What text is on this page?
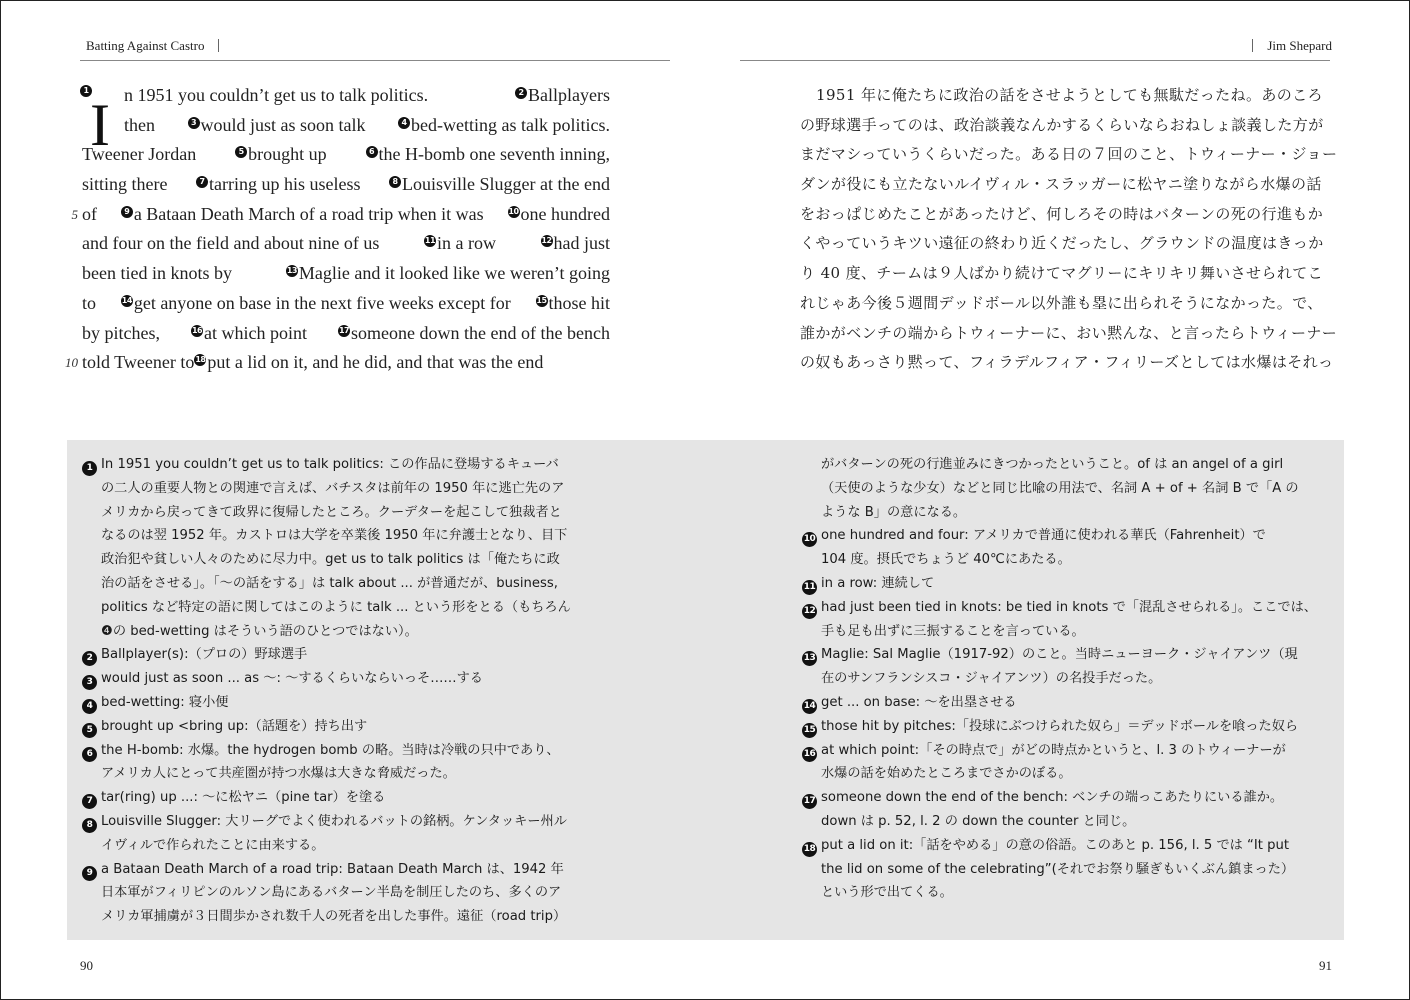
Batting Against Castro	Jim Shepard
I
1 n 1951 you couldn’t get us to talk politics.	2 Ballplayers
then	3 would just as soon talk	4 bed-wetting as talk politics.
Tweener Jordan	5 brought up	6 the H-bomb one seventh inning,
sitting there	7 tarring up his useless	8 Louisville Slugger at the end
5 of	9 a Bataan Death March of a road trip when it was	10 one hundred
and four on the field and about nine of us	11 in a row	12 had just
been tied in knots by	13 Maglie and it looked like we weren’t going
to	14 get anyone on base in the next five weeks except for	15 those hit
by pitches,	16 at which point	17 someone down the end of the bench
10 told Tweener to 18 put a lid on it, and he did, and that was the end
1951 年に俺たちに政治の話をさせようとしても無駄だったね。あのころ
の野球選手ってのは、政治談義なんかするくらいならおねしょ談義した方が
まだマシっていうくらいだった。ある日の７回のこと、トウィーナー・ジョー
ダンが役にも立たないルイヴィル・スラッガーに松ヤニ塗りながら水爆の話
をおっぱじめたことがあったけど、何しろその時はバターンの死の行進もか
くやっていうキツい遠征の終わり近くだったし、グラウンドの温度はきっか
り 40 度、チームは９人ばかり続けてマグリーにキリキリ舞いさせられてこ
れじゃあ今後５週間デッドボール以外誰も塁に出られそうになかった。で、
誰かがベンチの端からトウィーナーに、おい黙んな、と言ったらトウィーナー
の奴もあっさり黙って、フィラデルフィア・フィリーズとしては水爆はそれっ
1 In 1951 you couldn’t get us to talk politics: この作品に登場するキューバ
の二人の重要人物との関連で言えば、バチスタは前年の 1950 年に逃亡先のア
メリカから戻ってきて政界に復帰したところ。クーデターを起こして独裁者と
なるのは翌 1952 年。カストロは大学を卒業後 1950 年に弁護士となり、目下
政治犯や貧しい人々のために尽力中。get us to talk politics は「俺たちに政
治の話をさせる」。「〜の話をする」は talk about ... が普通だが、business,
politics など特定の語に関してはこのように talk ... という形をとる（もちろん
❹の bed-wetting はそういう語のひとつではない）。
2 Ballplayer(s):（プロの）野球選手
3 would just as soon ... as 〜: 〜するくらいならいっそ……する
4 bed-wetting: 寝小便
5 brought up <bring up:（話題を）持ち出す
6 the H-bomb: 水爆。the hydrogen bomb の略。当時は冷戦の只中であり、
アメリカ人にとって共産圏が持つ水爆は大きな脅威だった。
7 tar(ring) up ...: 〜に松ヤニ（pine tar）を塗る
8 Louisville Slugger: 大リーグでよく使われるバットの銘柄。ケンタッキー州ル
イヴィルで作られたことに由来する。
9 a Bataan Death March of a road trip: Bataan Death March は、1942 年
日本軍がフィリピンのルソン島にあるバターン半島を制圧したのち、多くのア
メリカ軍捕虜が３日間歩かされ数千人の死者を出した事件。遠征（road trip）
がバターンの死の行進並みにきつかったということ。of は an angel of a girl
（天使のような少女）などと同じ比喩の用法で、名詞 A + of + 名詞 B で「A の
ような B」の意になる。
10 one hundred and four: アメリカで普通に使われる華氏（Fahrenheit）で
104 度。摂氏でちょうど 40℃にあたる。
11 in a row: 連続して
12 had just been tied in knots: be tied in knots で「混乱させられる」。ここでは、
手も足も出ずに三振することを言っている。
13 Maglie: Sal Maglie（1917-92）のこと。当時ニューヨーク・ジャイアンツ（現
在のサンフランシスコ・ジャイアンツ）の名投手だった。
14 get ... on base: 〜を出塁させる
15 those hit by pitches:「投球にぶつけられた奴ら」＝デッドボールを喰った奴ら
16 at which point:「その時点で」がどの時点かというと、l. 3 のトウィーナーが
水爆の話を始めたところまでさかのぼる。
17 someone down the end of the bench: ベンチの端っこあたりにいる誰か。
down は p. 52, l. 2 の down the counter と同じ。
18 put a lid on it:「話をやめる」の意の俗語。このあと p. 156, l. 5 では “It put
the lid on some of the celebrating”(それでお祭り騒ぎもいくぶん鎮まった）
という形で出てくる。
90	91
